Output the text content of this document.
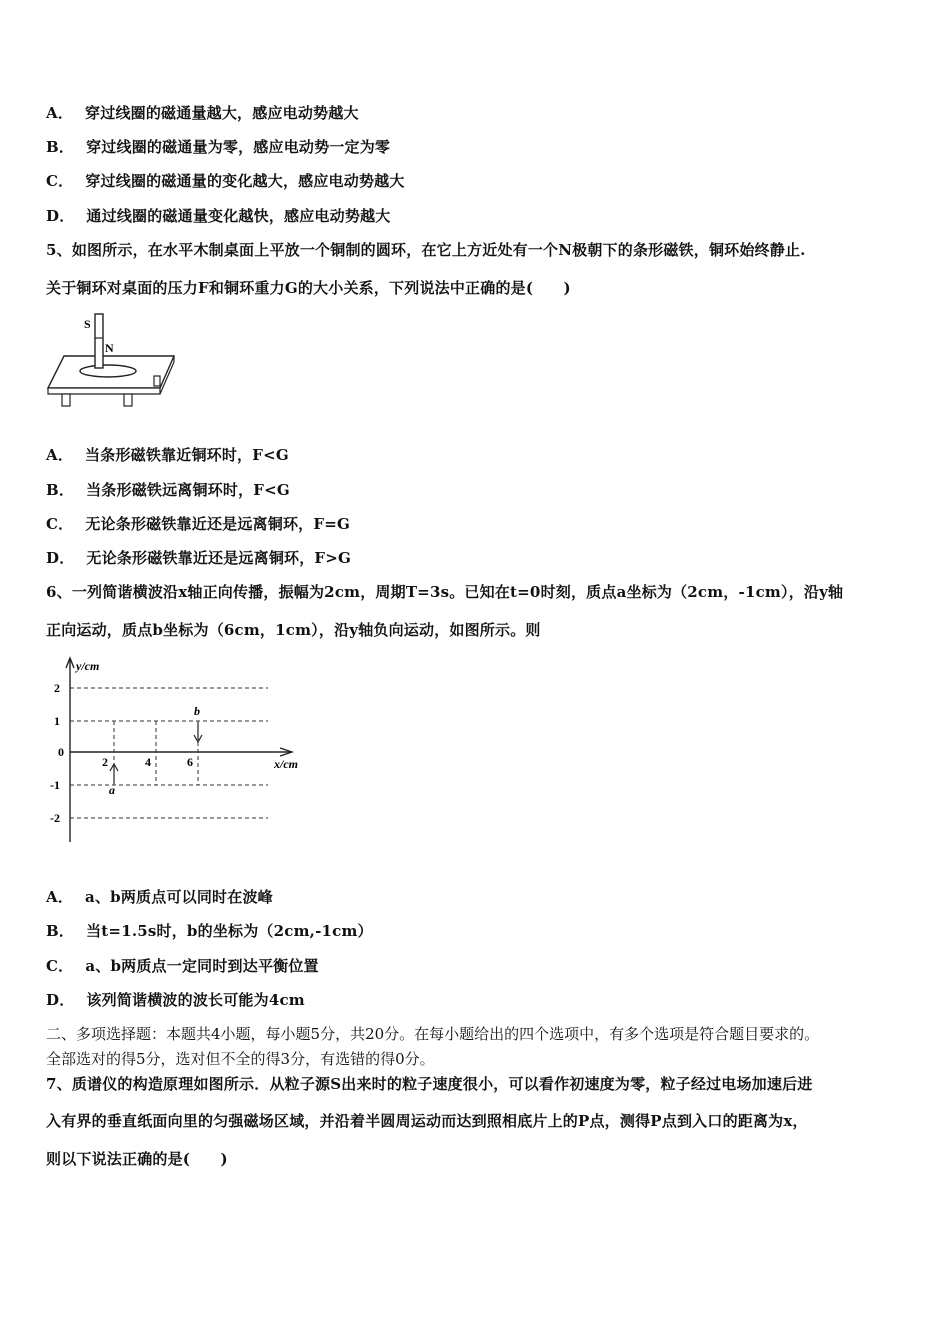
A． 穿过线圈的磁通量越大，感应电动势越大
B． 穿过线圈的磁通量为零，感应电动势一定为零
C． 穿过线圈的磁通量的变化越大，感应电动势越大
D． 通过线圈的磁通量变化越快，感应电动势越大
5、如图所示，在水平木制桌面上平放一个铜制的圆环，在它上方近处有一个N极朝下的条形磁铁，铜环始终静止.
关于铜环对桌面的压力F和铜环重力G的大小关系，下列说法中正确的是(　　)
S
N
A． 当条形磁铁靠近铜环时，F<G
B． 当条形磁铁远离铜环时，F<G
C． 无论条形磁铁靠近还是远离铜环，F=G
D． 无论条形磁铁靠近还是远离铜环，F>G
6、一列简谐横波沿x轴正向传播，振幅为2cm，周期T=3s。已知在t=0时刻，质点a坐标为（2cm，-1cm），沿y轴
正向运动，质点b坐标为（6cm，1cm），沿y轴负向运动，如图所示。则
2
1
0
-1
-2
2	4	6
y/cm
x/cm
a
b
A． a、b两质点可以同时在波峰
B． 当t=1.5s时，b的坐标为（2cm,-1cm）
C． a、b两质点一定同时到达平衡位置
D． 该列简谐横波的波长可能为4cm
二、多项选择题：本题共4小题，每小题5分，共20分。在每小题给出的四个选项中，有多个选项是符合题目要求的。
全部选对的得5分，选对但不全的得3分，有选错的得0分。
7、质谱仪的构造原理如图所示．从粒子源S出来时的粒子速度很小，可以看作初速度为零，粒子经过电场加速后进
入有界的垂直纸面向里的匀强磁场区域，并沿着半圆周运动而达到照相底片上的P点，测得P点到入口的距离为x，
则以下说法正确的是(　　)
